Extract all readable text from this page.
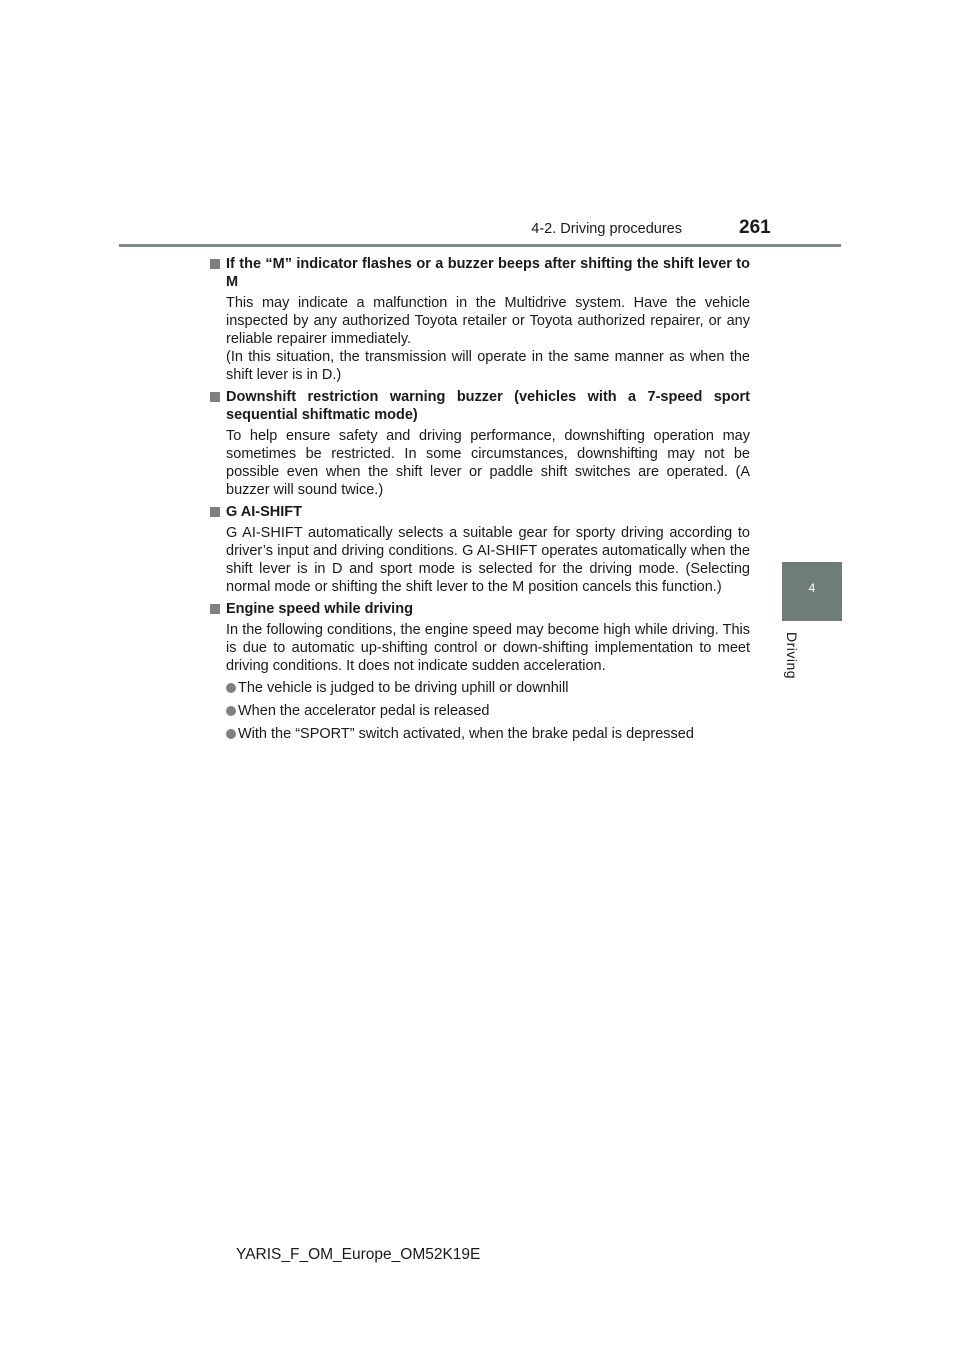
4-2. Driving procedures	261
4
Driving

If the “M” indicator flashes or a buzzer beeps after shifting the shift lever to M

This may indicate a malfunction in the Multidrive system. Have the vehicle inspected by any authorized Toyota retailer or Toyota authorized repairer, or any reliable repairer immediately.

(In this situation, the transmission will operate in the same manner as when the shift lever is in D.)

Downshift restriction warning buzzer (vehicles with a 7-speed sport sequential shiftmatic mode)

To help ensure safety and driving performance, downshifting operation may sometimes be restricted. In some circumstances, downshifting may not be possible even when the shift lever or paddle shift switches are operated. (A buzzer will sound twice.)

G AI-SHIFT

G AI-SHIFT automatically selects a suitable gear for sporty driving according to driver’s input and driving conditions. G AI-SHIFT operates automatically when the shift lever is in D and sport mode is selected for the driving mode. (Selecting normal mode or shifting the shift lever to the M position cancels this function.)

Engine speed while driving

In the following conditions, the engine speed may become high while driving. This is due to automatic up-shifting control or down-shifting implementation to meet driving conditions. It does not indicate sudden acceleration.

The vehicle is judged to be driving uphill or downhill
When the accelerator pedal is released
With the “SPORT” switch activated, when the brake pedal is depressed
YARIS_F_OM_Europe_OM52K19E
